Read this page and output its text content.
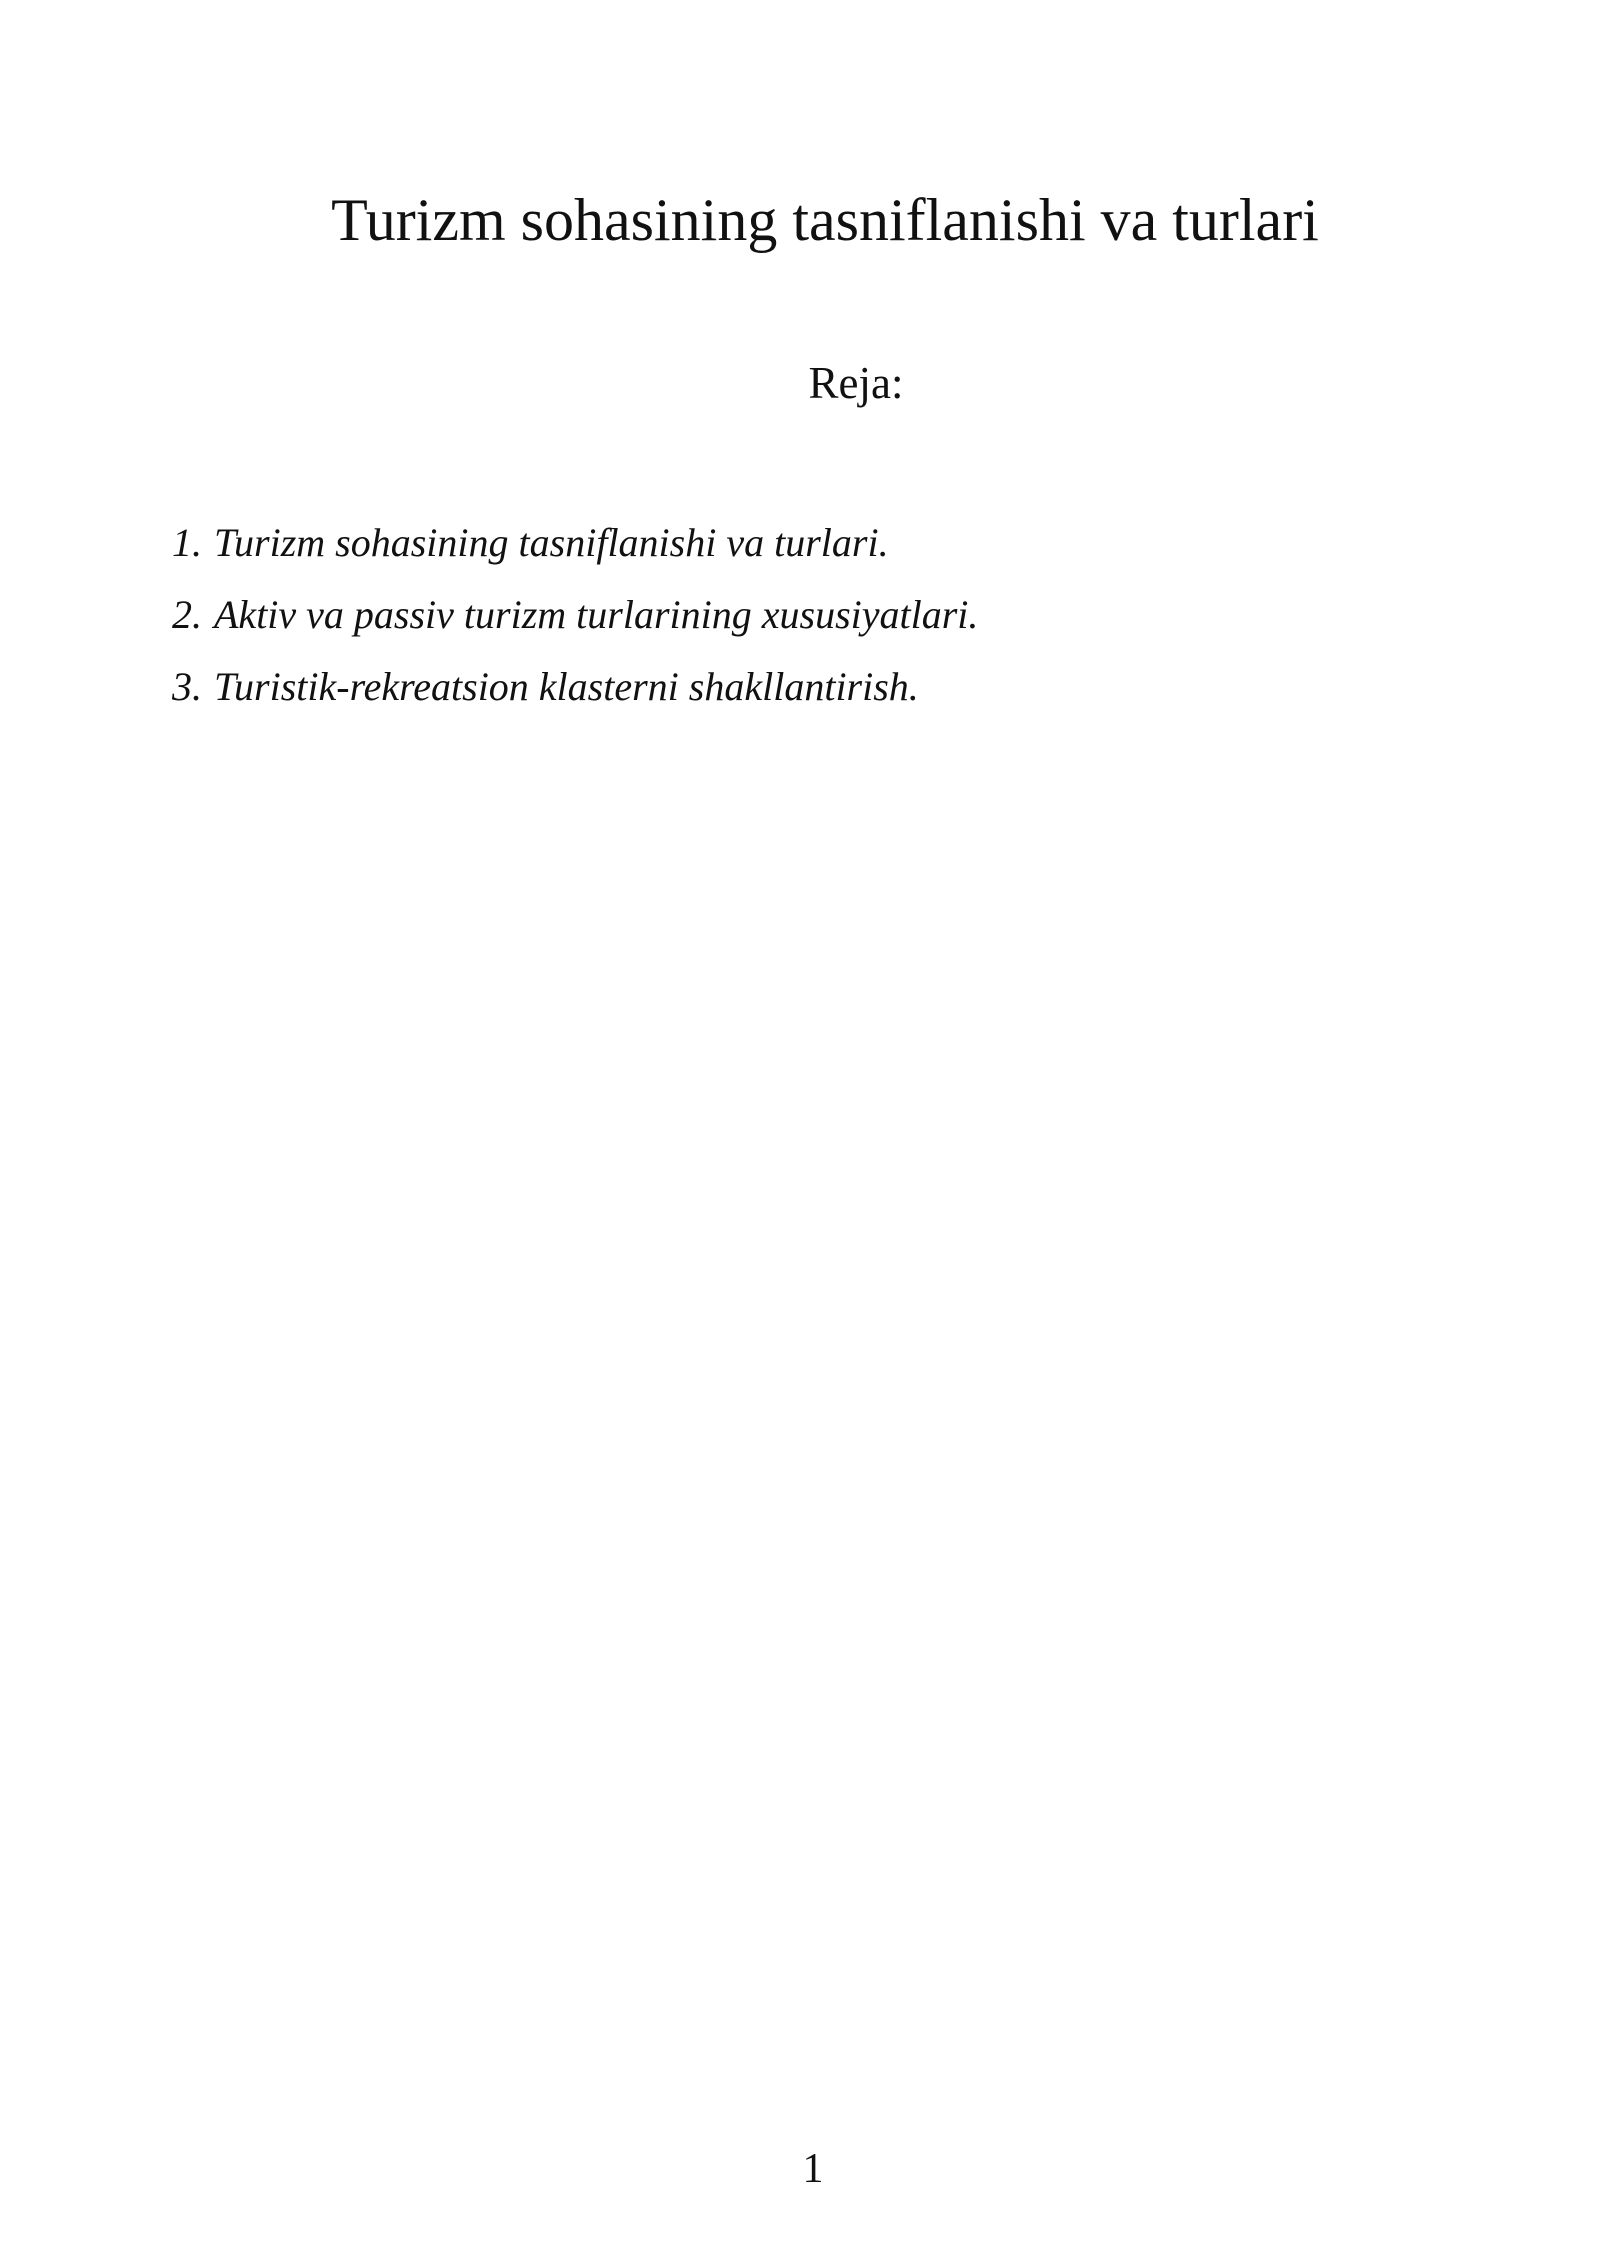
Turizm sohasining tasniflanishi va turlari
Reja:
1. Turizm sohasining tasniflanishi va turlari.
2. Aktiv va passiv turizm turlarining xususiyatlari.
3. Turistik-rekreatsion klasterni shakllantirish.
1
